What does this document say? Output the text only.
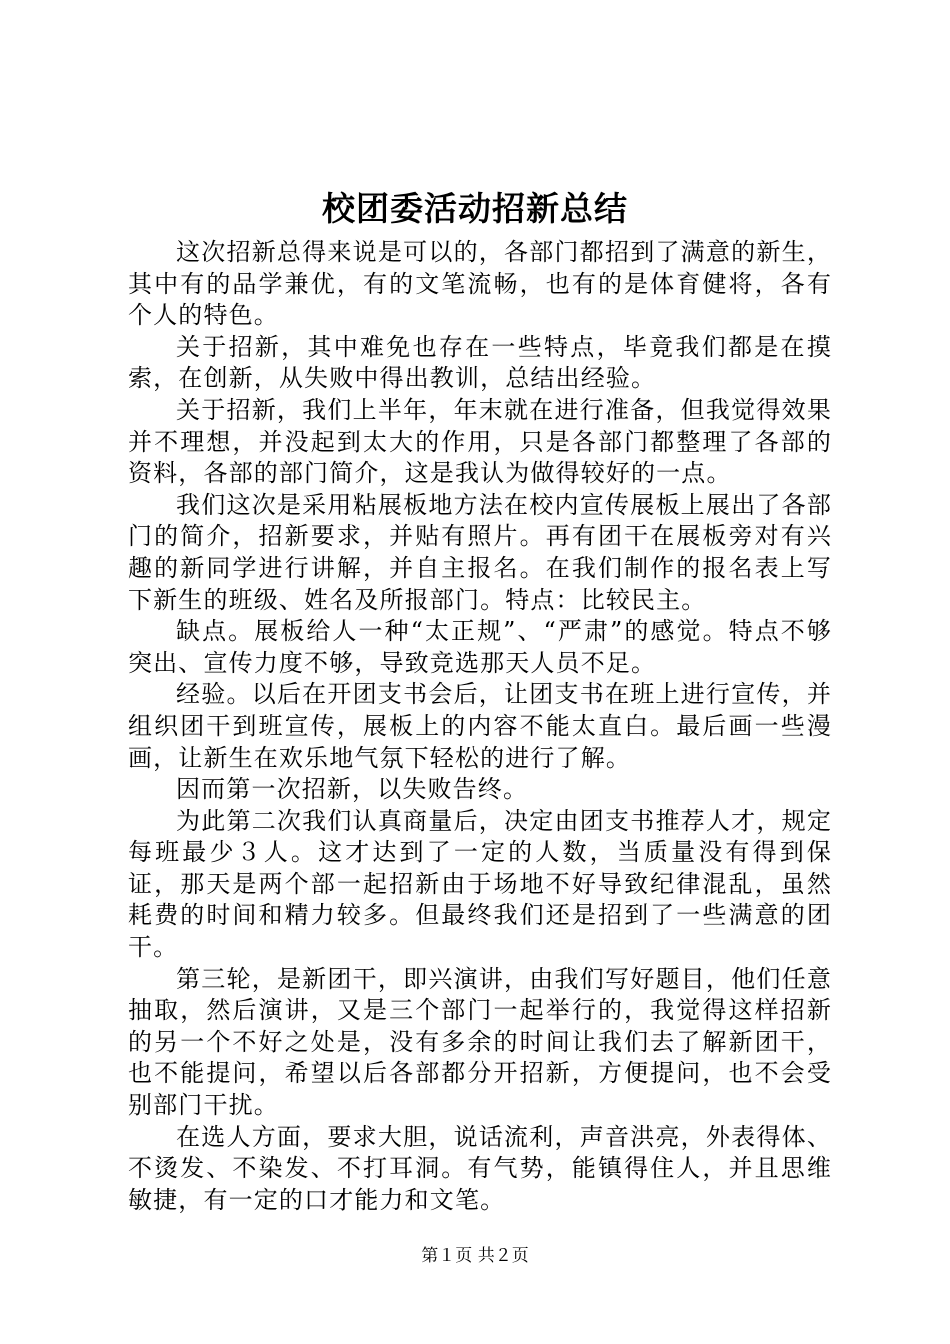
校团委活动招新总结

这次招新总得来说是可以的，各部门都招到了满意的新生，其中有的品学兼优，有的文笔流畅，也有的是体育健将，各有个人的特色。

关于招新，其中难免也存在一些特点，毕竟我们都是在摸索，在创新，从失败中得出教训，总结出经验。

关于招新，我们上半年，年末就在进行准备，但我觉得效果并不理想，并没起到太大的作用，只是各部门都整理了各部的资料，各部的部门简介，这是我认为做得较好的一点。

我们这次是采用粘展板地方法在校内宣传展板上展出了各部门的简介，招新要求，并贴有照片。再有团干在展板旁对有兴趣的新同学进行讲解，并自主报名。在我们制作的报名表上写下新生的班级、姓名及所报部门。特点：比较民主。

缺点。展板给人一种“太正规”、“严肃”的感觉。特点不够突出、宣传力度不够，导致竞选那天人员不足。

经验。以后在开团支书会后，让团支书在班上进行宣传，并组织团干到班宣传，展板上的内容不能太直白。最后画一些漫画，让新生在欢乐地气氛下轻松的进行了解。

因而第一次招新，以失败告终。

为此第二次我们认真商量后，决定由团支书推荐人才，规定每班最少３人。这才达到了一定的人数，当质量没有得到保证，那天是两个部一起招新由于场地不好导致纪律混乱，虽然耗费的时间和精力较多。但最终我们还是招到了一些满意的团干。

第三轮，是新团干，即兴演讲，由我们写好题目，他们任意抽取，然后演讲，又是三个部门一起举行的，我觉得这样招新的另一个不好之处是，没有多余的时间让我们去了解新团干，也不能提问，希望以后各部都分开招新，方便提问，也不会受别部门干扰。

在选人方面，要求大胆，说话流利，声音洪亮，外表得体、不烫发、不染发、不打耳洞。有气势，能镇得住人，并且思维敏捷，有一定的口才能力和文笔。

第１页 共２页
